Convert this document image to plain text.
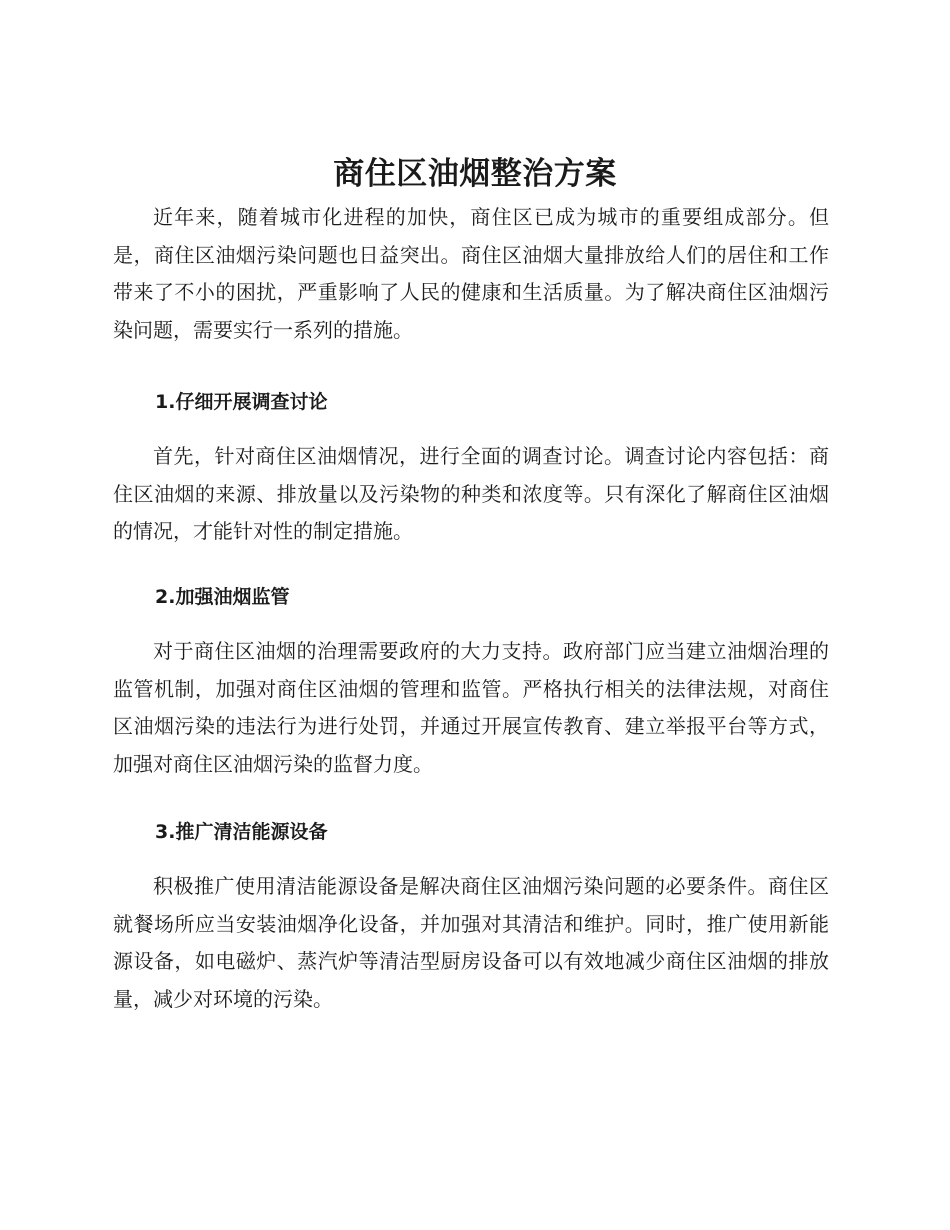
商住区油烟整治方案

近年来，随着城市化进程的加快，商住区已成为城市的重要组成部分。但是，商住区油烟污染问题也日益突出。商住区油烟大量排放给人们的居住和工作带来了不小的困扰，严重影响了人民的健康和生活质量。为了解决商住区油烟污染问题，需要实行一系列的措施。

1.仔细开展调查讨论

首先，针对商住区油烟情况，进行全面的调查讨论。调查讨论内容包括：商住区油烟的来源、排放量以及污染物的种类和浓度等。只有深化了解商住区油烟的情况，才能针对性的制定措施。

2.加强油烟监管

对于商住区油烟的治理需要政府的大力支持。政府部门应当建立油烟治理的监管机制，加强对商住区油烟的管理和监管。严格执行相关的法律法规，对商住区油烟污染的违法行为进行处罚，并通过开展宣传教育、建立举报平台等方式，加强对商住区油烟污染的监督力度。

3.推广清洁能源设备

积极推广使用清洁能源设备是解决商住区油烟污染问题的必要条件。商住区就餐场所应当安装油烟净化设备，并加强对其清洁和维护。同时，推广使用新能源设备，如电磁炉、蒸汽炉等清洁型厨房设备可以有效地减少商住区油烟的排放量，减少对环境的污染。
